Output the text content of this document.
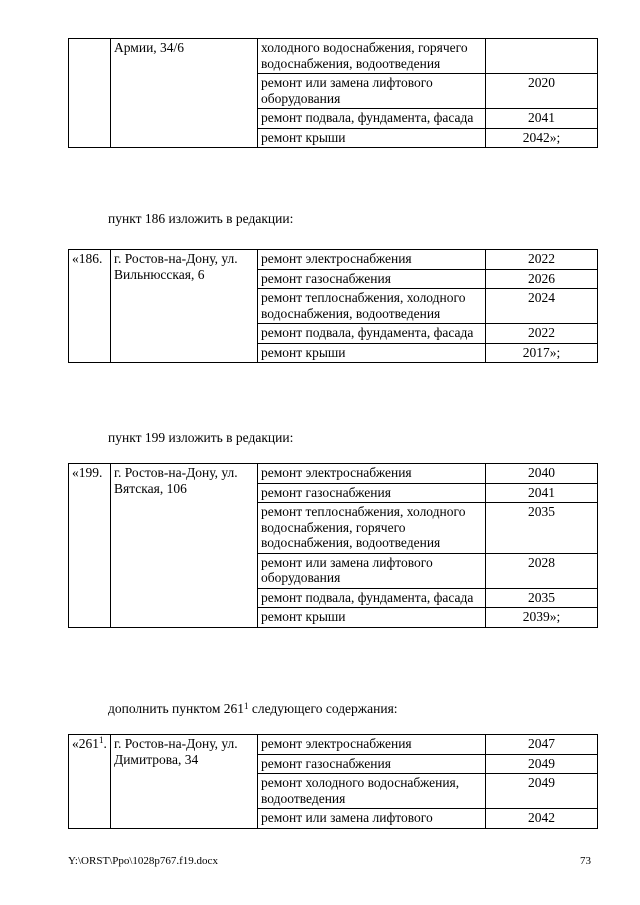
	Армии, 34/6	холодного водоснабжения, горячего водоснабжения, водоотведения	
		ремонт или замена лифтового оборудования	2020
		ремонт подвала, фундамента, фасада	2041
		ремонт крыши	2042»;
пункт 186 изложить в редакции:
«186.	г. Ростов-на-Дону, ул. Вильнюсская, 6	ремонт электроснабжения	2022
		ремонт газоснабжения	2026
		ремонт теплоснабжения, холодного водоснабжения, водоотведения	2024
		ремонт подвала, фундамента, фасада	2022
		ремонт крыши	2017»;
пункт 199 изложить в редакции:
«199.	г. Ростов-на-Дону, ул. Вятская, 106	ремонт электроснабжения	2040
		ремонт газоснабжения	2041
		ремонт теплоснабжения, холодного водоснабжения, горячего водоснабжения, водоотведения	2035
		ремонт или замена лифтового оборудования	2028
		ремонт подвала, фундамента, фасада	2035
		ремонт крыши	2039»;
дополнить пунктом $261^1$ следующего содержания:
«$261^1$.	г. Ростов-на-Дону, ул. Димитрова, 34	ремонт электроснабжения	2047
		ремонт газоснабжения	2049
		ремонт холодного водоснабжения, водоотведения	2049
		ремонт или замена лифтового	2042
Y:\ORST\Ppo\1028p767.f19.docx	73
